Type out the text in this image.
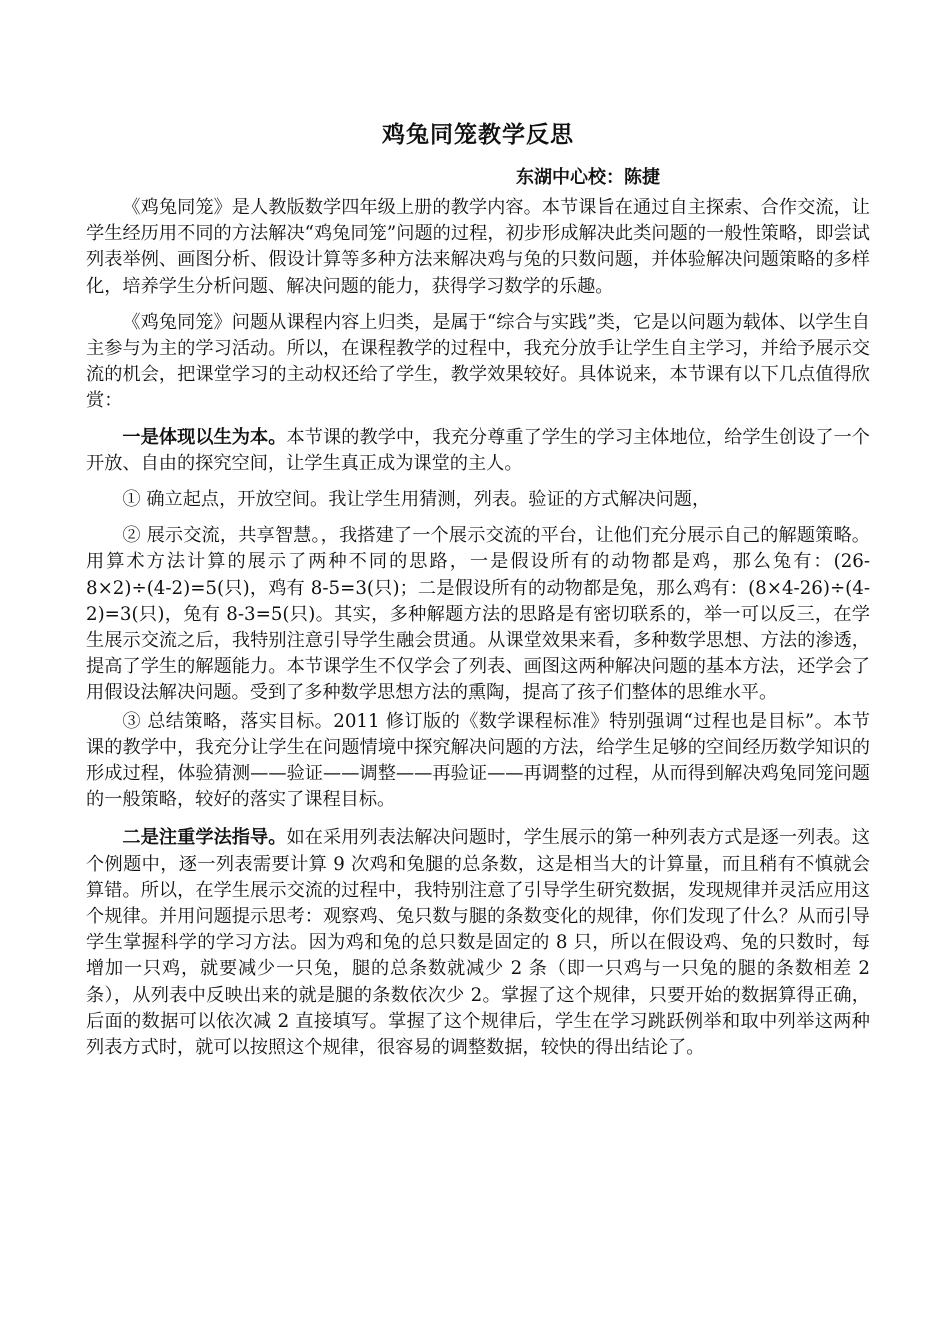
鸡兔同笼教学反思
东湖中心校：陈捷

《鸡兔同笼》是人教版数学四年级上册的教学内容。本节课旨在通过自主探索、合作交流，让学生经历用不同的方法解决“鸡兔同笼”问题的过程，初步形成解决此类问题的一般性策略，即尝试列表举例、画图分析、假设计算等多种方法来解决鸡与兔的只数问题，并体验解决问题策略的多样化，培养学生分析问题、解决问题的能力，获得学习数学的乐趣。

《鸡兔同笼》问题从课程内容上归类，是属于“综合与实践”类，它是以问题为载体、以学生自主参与为主的学习活动。所以，在课程教学的过程中，我充分放手让学生自主学习，并给予展示交流的机会，把课堂学习的主动权还给了学生，教学效果较好。具体说来，本节课有以下几点值得欣赏：

一是体现以生为本。本节课的教学中，我充分尊重了学生的学习主体地位，给学生创设了一个开放、自由的探究空间，让学生真正成为课堂的主人。

① 确立起点，开放空间。我让学生用猜测，列表。验证的方式解决问题，

② 展示交流，共享智慧。，我搭建了一个展示交流的平台，让他们充分展示自己的解题策略。用算术方法计算的展示了两种不同的思路，一是假设所有的动物都是鸡，那么兔有：(26-8×2)÷(4-2)=5(只)，鸡有 8-5=3(只)；二是假设所有的动物都是兔，那么鸡有：(8×4-26)÷(4-2)=3(只)，兔有 8-3=5(只)。其实，多种解题方法的思路是有密切联系的，举一可以反三，在学生展示交流之后，我特别注意引导学生融会贯通。从课堂效果来看，多种数学思想、方法的渗透，提高了学生的解题能力。本节课学生不仅学会了列表、画图这两种解决问题的基本方法，还学会了用假设法解决问题。受到了多种数学思想方法的熏陶，提高了孩子们整体的思维水平。

③ 总结策略，落实目标。2011 修订版的《数学课程标准》特别强调“过程也是目标”。本节课的教学中，我充分让学生在问题情境中探究解决问题的方法，给学生足够的空间经历数学知识的形成过程，体验猜测——验证——调整——再验证——再调整的过程，从而得到解决鸡兔同笼问题的一般策略，较好的落实了课程目标。

二是注重学法指导。如在采用列表法解决问题时，学生展示的第一种列表方式是逐一列表。这个例题中，逐一列表需要计算 9 次鸡和兔腿的总条数，这是相当大的计算量，而且稍有不慎就会算错。所以，在学生展示交流的过程中，我特别注意了引导学生研究数据，发现规律并灵活应用这个规律。并用问题提示思考：观察鸡、兔只数与腿的条数变化的规律，你们发现了什么？从而引导学生掌握科学的学习方法。因为鸡和兔的总只数是固定的 8 只，所以在假设鸡、兔的只数时，每增加一只鸡，就要减少一只兔，腿的总条数就减少 2 条（即一只鸡与一只兔的腿的条数相差 2 条），从列表中反映出来的就是腿的条数依次少 2。掌握了这个规律，只要开始的数据算得正确，后面的数据可以依次减 2 直接填写。掌握了这个规律后，学生在学习跳跃例举和取中列举这两种列表方式时，就可以按照这个规律，很容易的调整数据，较快的得出结论了。
